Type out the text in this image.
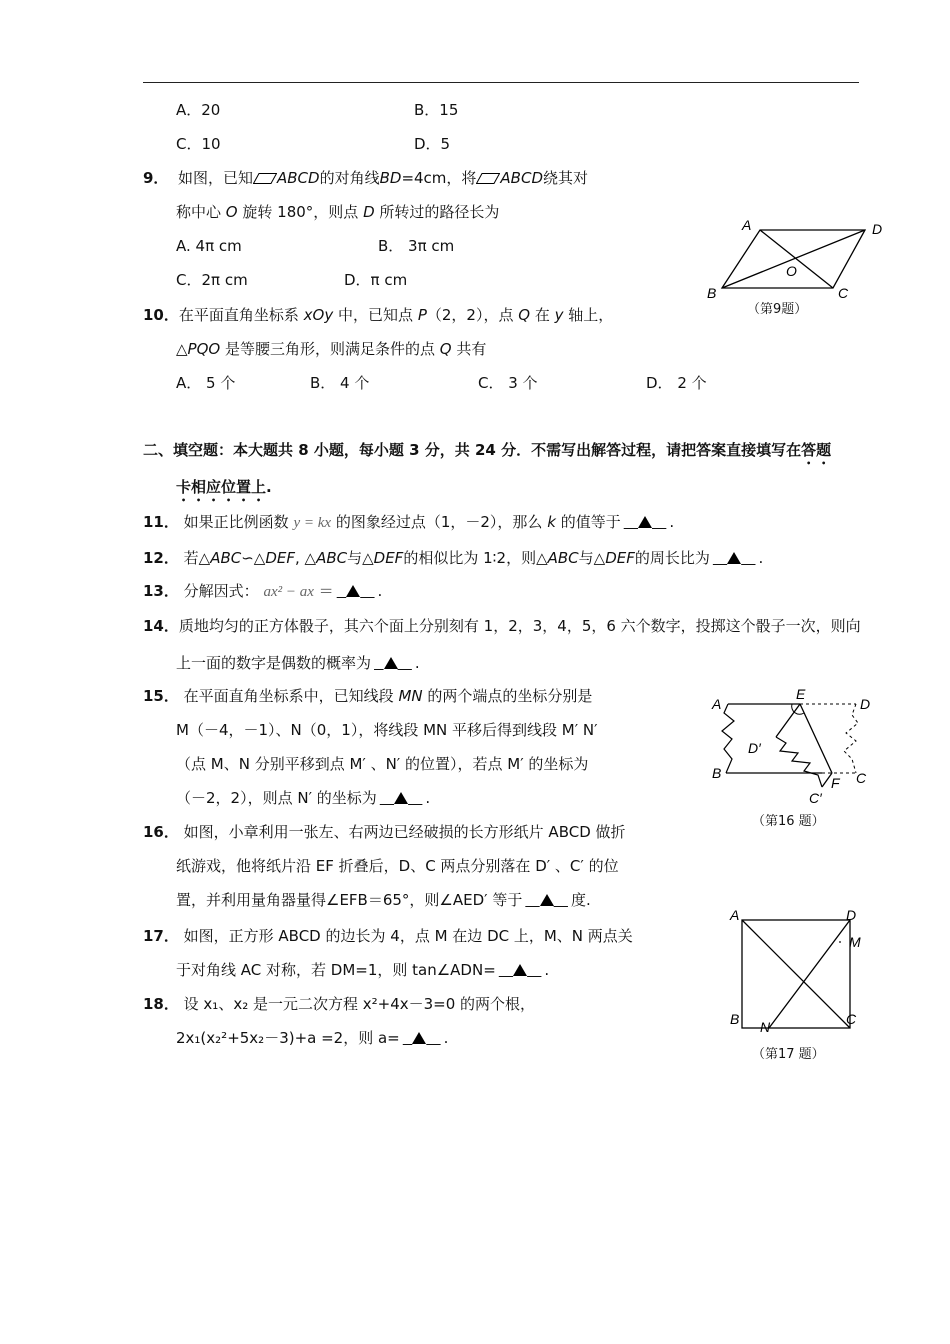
A．20	B．15
C．10	D．5
9． 如图，已知 ABCD的对角线BD=4cm，将 ABCD绕其对
称中心 O 旋转 180°，则点 D 所转过的路径长为
A. 4π cm	B． 3π cm
C．2π cm	D．π cm
A	D
O
B	C
（第9题）
10．在平面直角坐标系 xOy 中，已知点 P（2，2），点 Q 在 y 轴上，
△PQO 是等腰三角形，则满足条件的点 Q 共有
A． 5 个	B． 4 个	C． 3 个	D． 2 个
二、填空题：本大题共 8 小题，每小题 3 分，共 24 分．不需写出解答过程，请把答案直接填写在答题
卡相应位置上.
11． 如果正比例函数 y = kx 的图象经过点（1，－2），那么 k 的值等于	.
12． 若△ABC∽△DEF, △ABC与△DEF的相似比为 1∶2，则△ABC与△DEF的周长比为	.
13． 分解因式： ax² − ax ＝	.
14．质地均匀的正方体骰子，其六个面上分别刻有 1，2，3，4，5，6 六个数字，投掷这个骰子一次，则向
上一面的数字是偶数的概率为	.
15． 在平面直角坐标系中，已知线段 MN 的两个端点的坐标分别是
M（－4，－1）、N（0，1），将线段 MN 平移后得到线段 M′ N′
（点 M、N 分别平移到点 M′ 、N′ 的位置），若点 M′ 的坐标为
（－2，2），则点 N′ 的坐标为	.
A
E
D
D′
B	C
F
C′
（第16 题）
16． 如图，小章利用一张左、右两边已经破损的长方形纸片 ABCD 做折
纸游戏，他将纸片沿 EF 折叠后，D、C 两点分别落在 D′ 、C′ 的位
置，并利用量角器量得∠EFB＝65°，则∠AED′ 等于	度.
A	D
M
B N	C
（第17 题）
17． 如图，正方形 ABCD 的边长为 4，点 M 在边 DC 上，M、N 两点关
于对角线 AC 对称，若 DM=1，则 tan∠ADN=	.
18． 设 x₁、x₂ 是一元二次方程 x²+4x－3=0 的两个根，
2x₁(x₂²+5x₂－3)+a =2，则 a=	.
